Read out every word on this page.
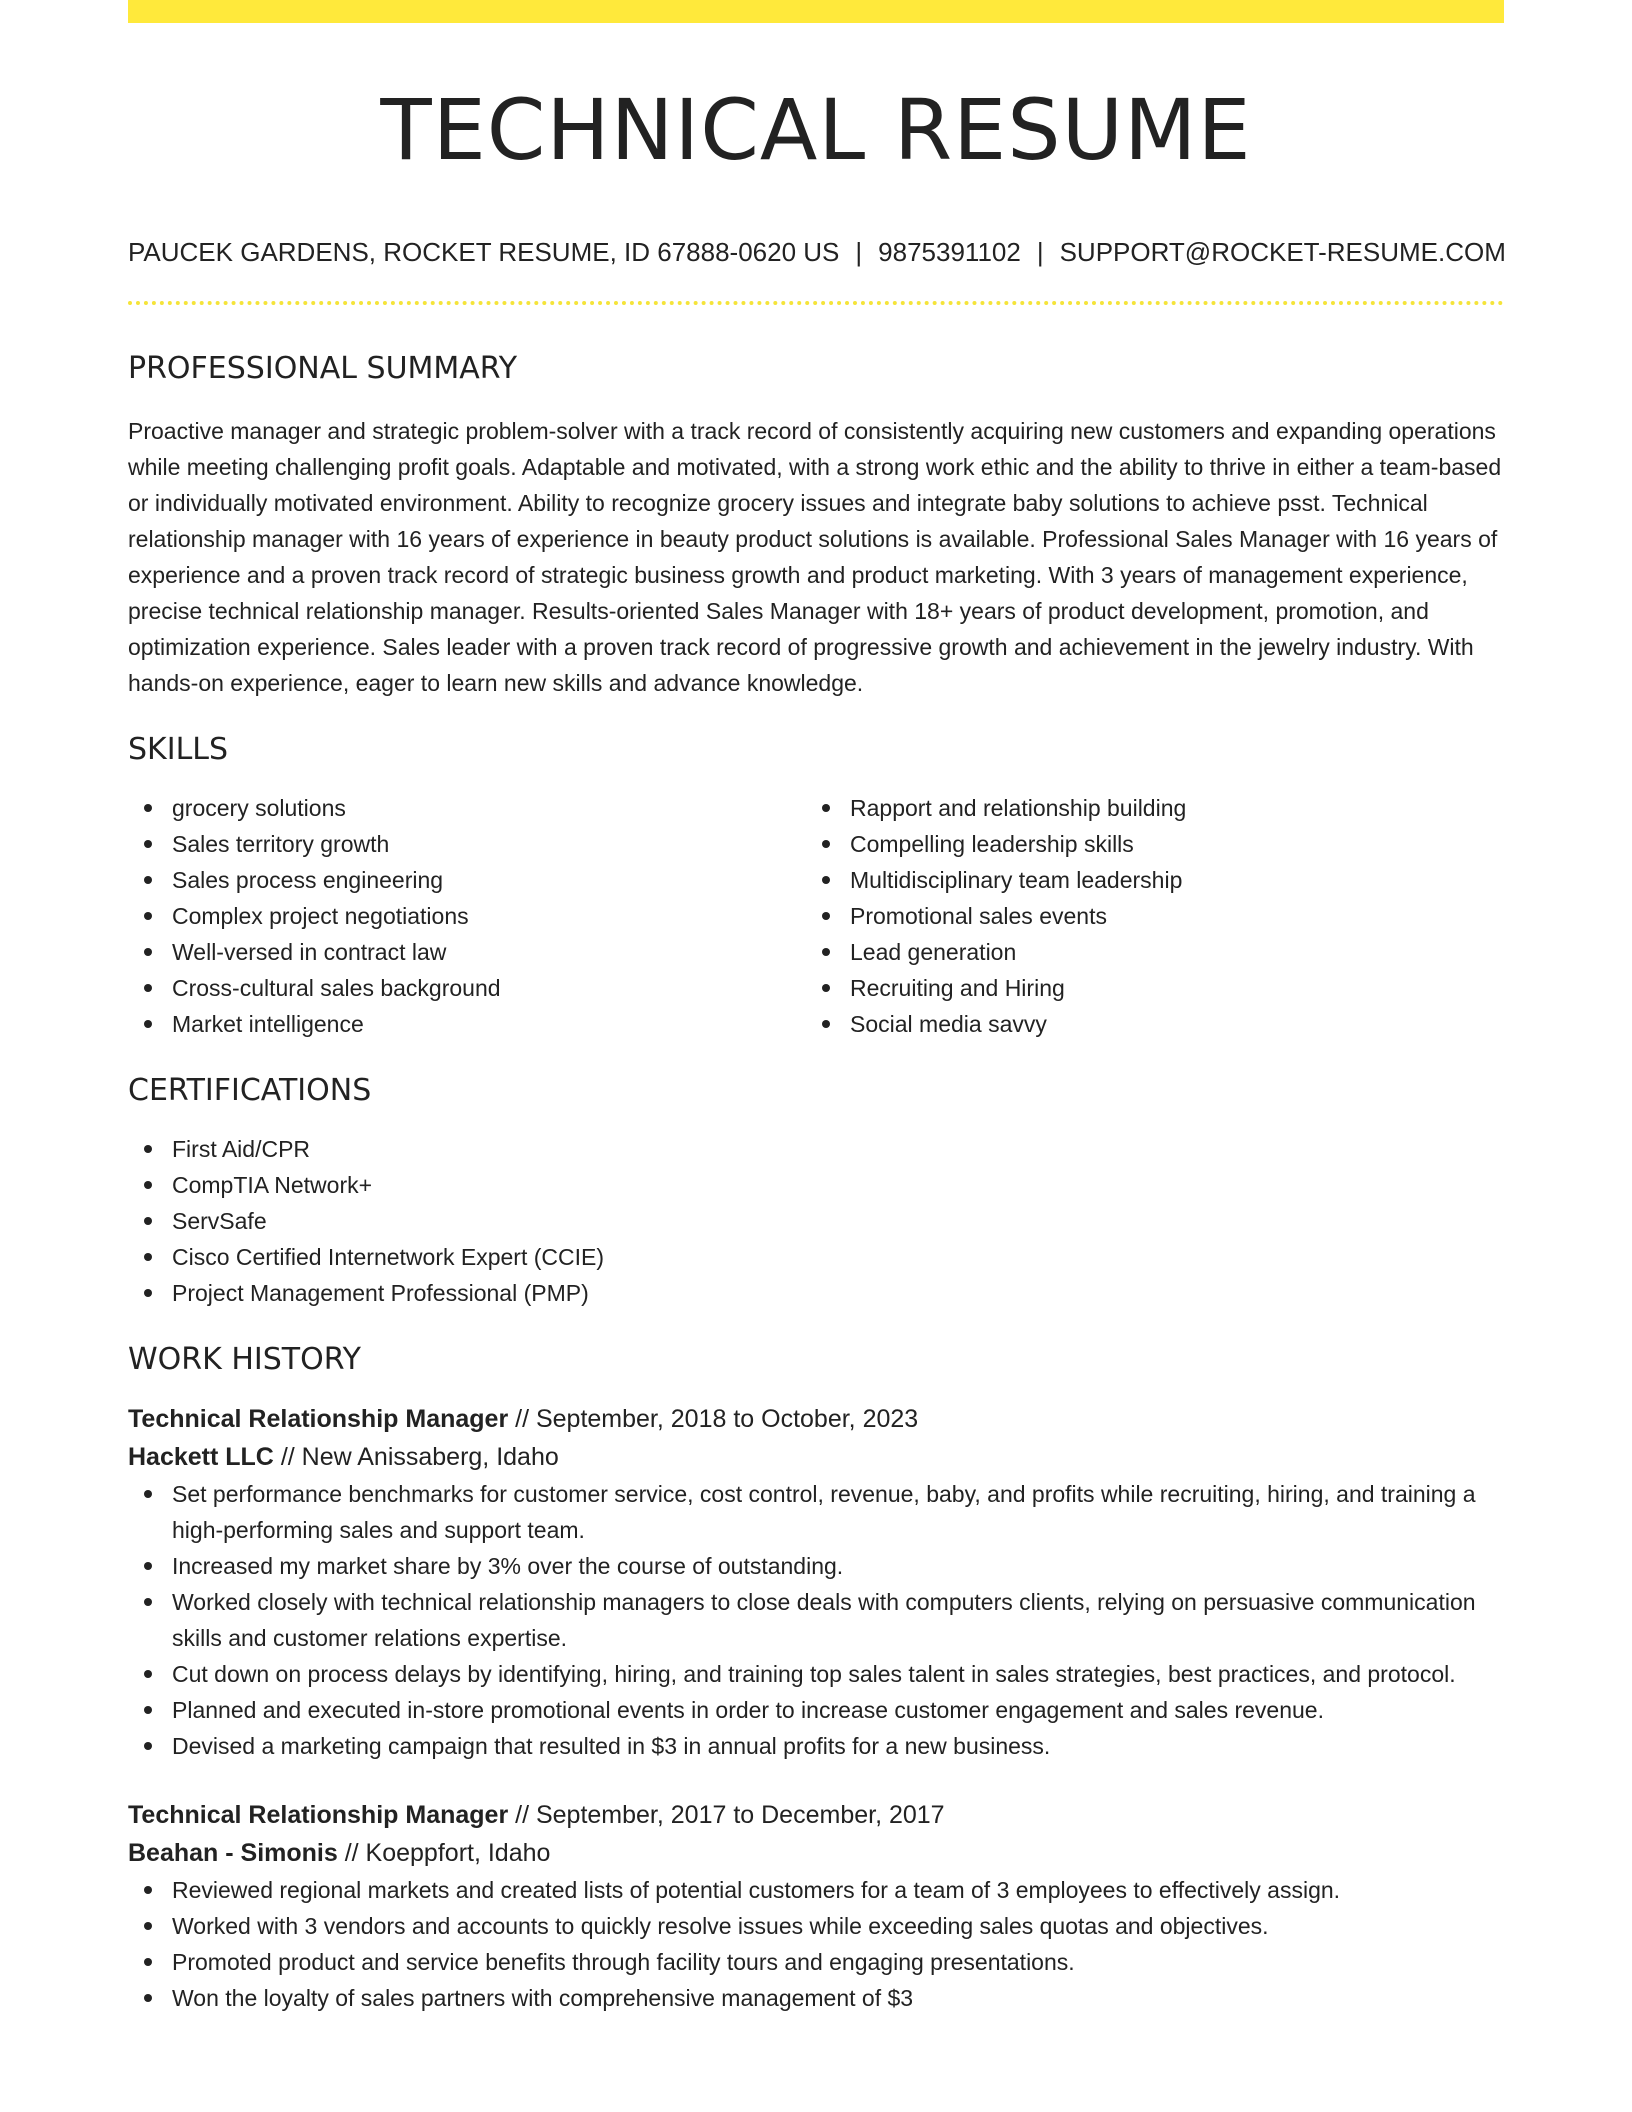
TECHNICAL RESUME
PAUCEK GARDENS, ROCKET RESUME, ID 67888-0620 US | 9875391102 | SUPPORT@ROCKET-RESUME.COM
PROFESSIONAL SUMMARY

Proactive manager and strategic problem-solver with a track record of consistently acquiring new customers and expanding operations while meeting challenging profit goals. Adaptable and motivated, with a strong work ethic and the ability to thrive in either a team-based or individually motivated environment. Ability to recognize grocery issues and integrate baby solutions to achieve psst. Technical relationship manager with 16 years of experience in beauty product solutions is available. Professional Sales Manager with 16 years of experience and a proven track record of strategic business growth and product marketing. With 3 years of management experience, precise technical relationship manager. Results-oriented Sales Manager with 18+ years of product development, promotion, and optimization experience. Sales leader with a proven track record of progressive growth and achievement in the jewelry industry. With hands-on experience, eager to learn new skills and advance knowledge.

SKILLS
grocery solutions
Sales territory growth
Sales process engineering
Complex project negotiations
Well-versed in contract law
Cross-cultural sales background
Market intelligence
Rapport and relationship building
Compelling leadership skills
Multidisciplinary team leadership
Promotional sales events
Lead generation
Recruiting and Hiring
Social media savvy
CERTIFICATIONS
First Aid/CPR
CompTIA Network+
ServSafe
Cisco Certified Internetwork Expert (CCIE)
Project Management Professional (PMP)
WORK HISTORY
Technical Relationship Manager // September, 2018 to October, 2023
Hackett LLC // New Anissaberg, Idaho
Set performance benchmarks for customer service, cost control, revenue, baby, and profits while recruiting, hiring, and training a high-performing sales and support team.
Increased my market share by 3% over the course of outstanding.
Worked closely with technical relationship managers to close deals with computers clients, relying on persuasive communication skills and customer relations expertise.
Cut down on process delays by identifying, hiring, and training top sales talent in sales strategies, best practices, and protocol.
Planned and executed in-store promotional events in order to increase customer engagement and sales revenue.
Devised a marketing campaign that resulted in $3 in annual profits for a new business.
Technical Relationship Manager // September, 2017 to December, 2017
Beahan - Simonis // Koeppfort, Idaho
Reviewed regional markets and created lists of potential customers for a team of 3 employees to effectively assign.
Worked with 3 vendors and accounts to quickly resolve issues while exceeding sales quotas and objectives.
Promoted product and service benefits through facility tours and engaging presentations.
Won the loyalty of sales partners with comprehensive management of $3
